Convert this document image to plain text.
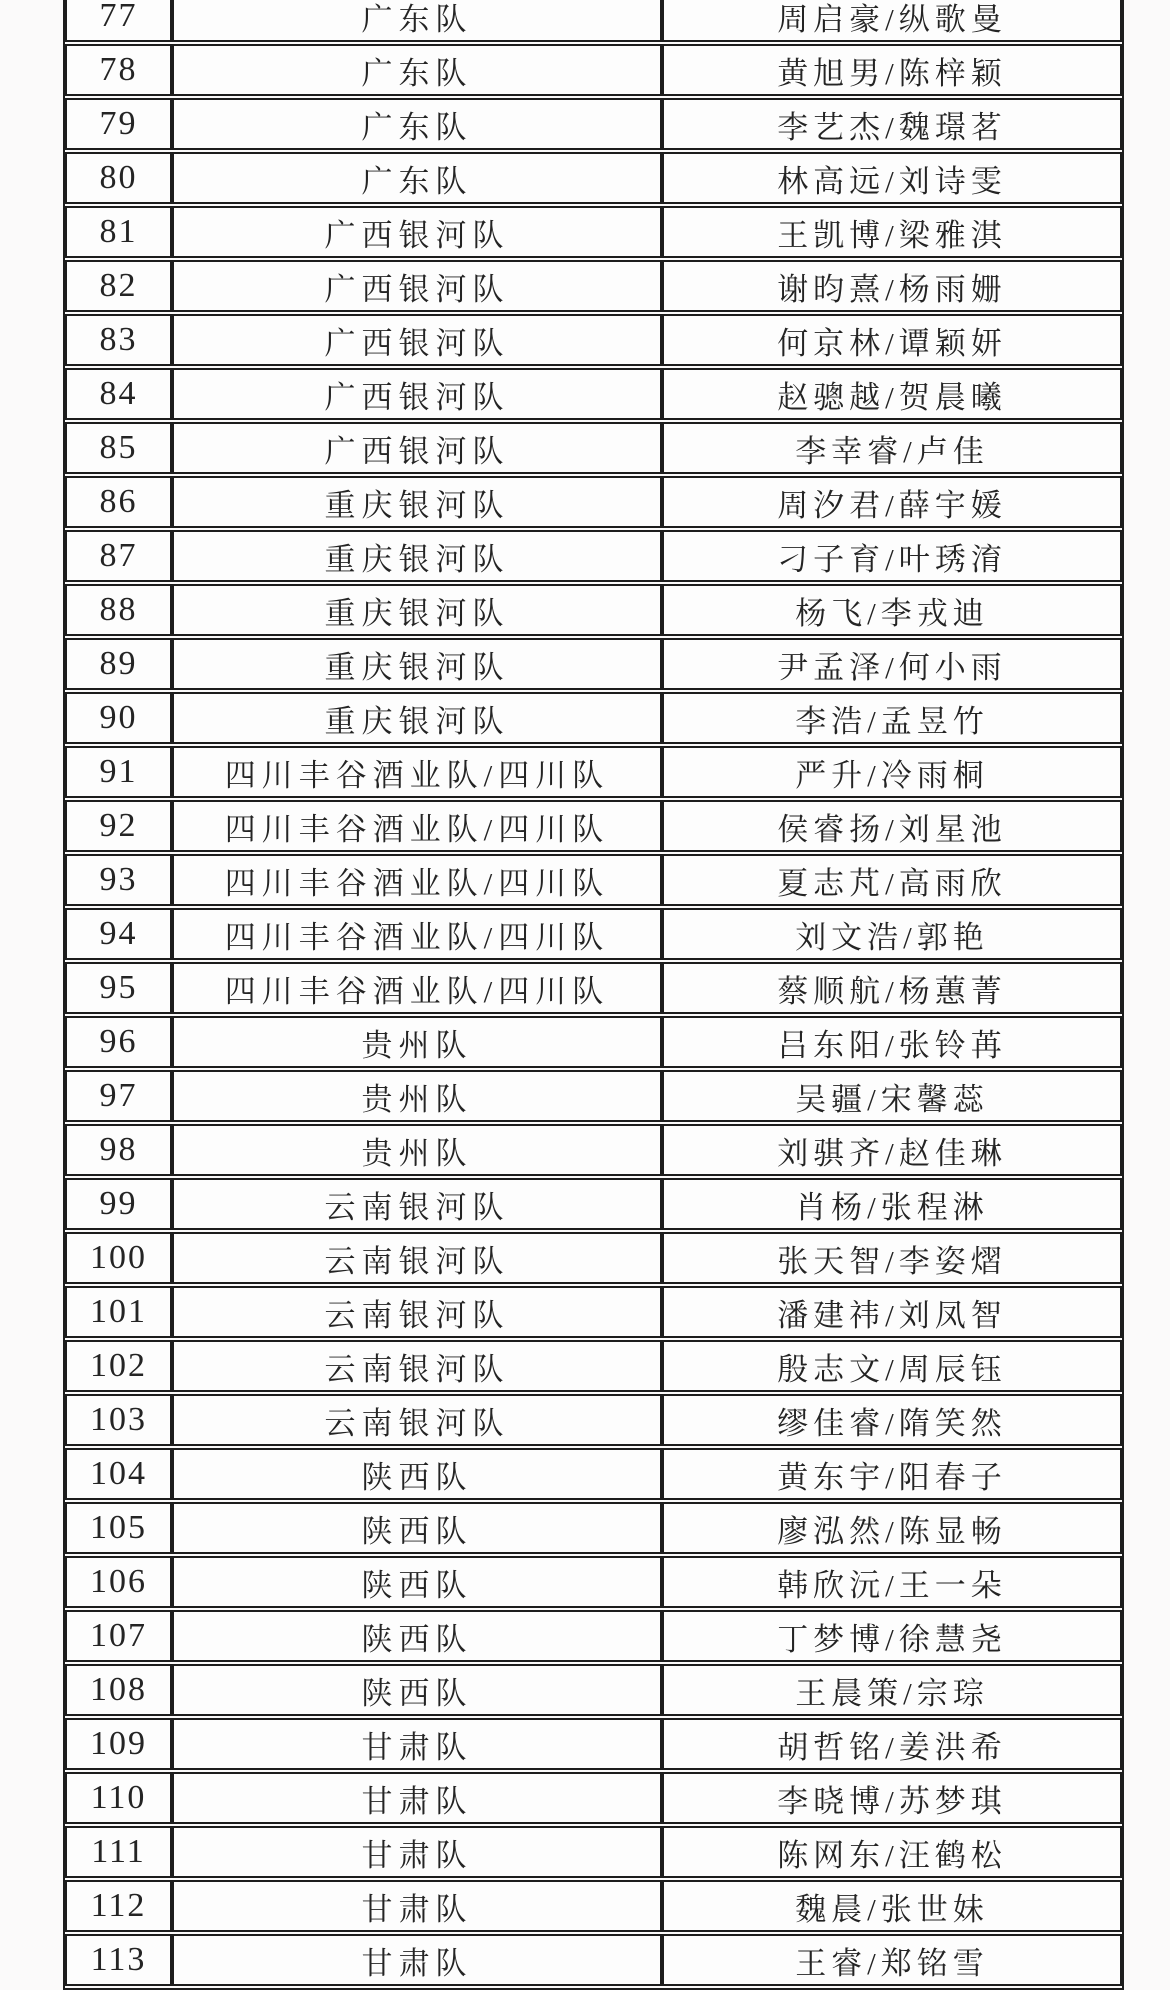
77	广东队	周启豪/纵歌曼
78	广东队	黄旭男/陈梓颖
79	广东队	李艺杰/魏璟茗
80	广东队	林高远/刘诗雯
81	广西银河队	王凯博/梁雅淇
82	广西银河队	谢昀熹/杨雨姗
83	广西银河队	何京林/谭颖妍
84	广西银河队	赵骢越/贺晨曦
85	广西银河队	李幸睿/卢佳
86	重庆银河队	周汐君/薛宇媛
87	重庆银河队	刁子育/叶琇淯
88	重庆银河队	杨飞/李戎迪
89	重庆银河队	尹孟泽/何小雨
90	重庆银河队	李浩/孟昱竹
91	四川丰谷酒业队/四川队	严升/冷雨桐
92	四川丰谷酒业队/四川队	侯睿扬/刘星池
93	四川丰谷酒业队/四川队	夏志芃/高雨欣
94	四川丰谷酒业队/四川队	刘文浩/郭艳
95	四川丰谷酒业队/四川队	蔡顺航/杨蕙菁
96	贵州队	吕东阳/张铃苒
97	贵州队	吴疆/宋馨蕊
98	贵州队	刘骐齐/赵佳琳
99	云南银河队	肖杨/张程淋
100	云南银河队	张天智/李姿熠
101	云南银河队	潘建祎/刘凤智
102	云南银河队	殷志文/周辰钰
103	云南银河队	缪佳睿/隋笑然
104	陕西队	黄东宇/阳春子
105	陕西队	廖泓然/陈显畅
106	陕西队	韩欣沅/王一朵
107	陕西队	丁梦博/徐慧尧
108	陕西队	王晨策/宗琮
109	甘肃队	胡哲铭/姜洪希
110	甘肃队	李晓博/苏梦琪
111	甘肃队	陈网东/汪鹤松
112	甘肃队	魏晨/张世妹
113	甘肃队	王睿/郑铭雪
